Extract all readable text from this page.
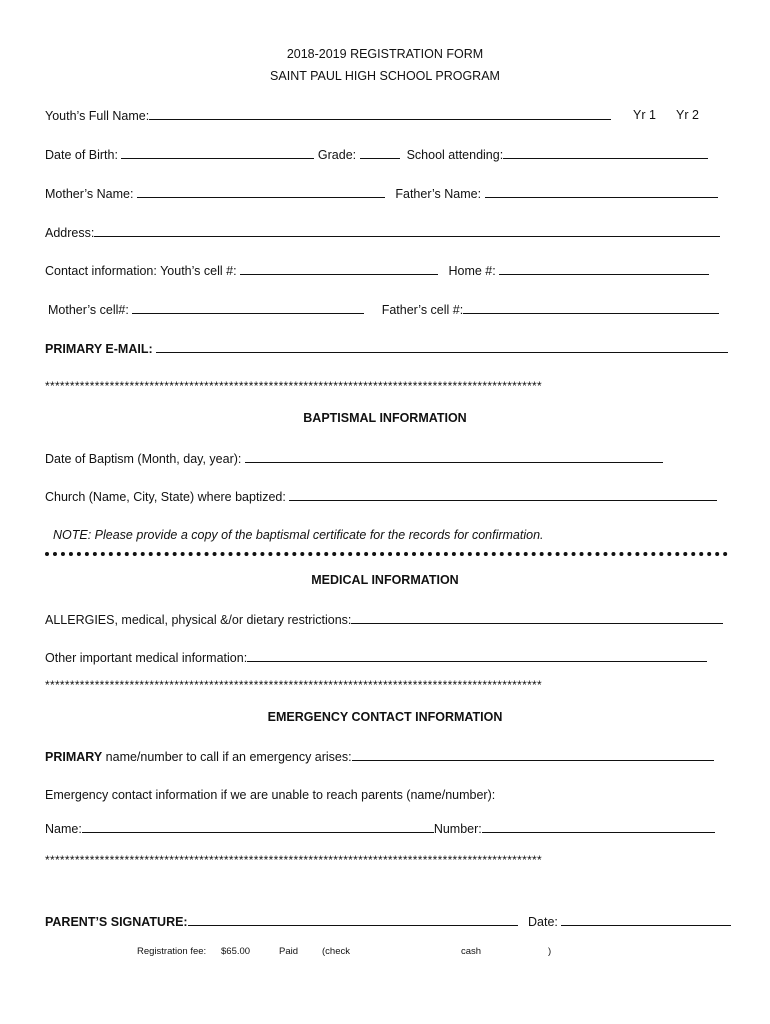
2018-2019 REGISTRATION FORM
SAINT PAUL HIGH SCHOOL PROGRAM
Youth’s Full Name:	Yr 1 Yr 2
Date of Birth:	Grade:	School attending:
Mother’s Name:	Father’s Name:
Address:
Contact information: Youth’s cell #:	Home #:
Mother’s cell#:	Father’s cell #:
PRIMARY E-MAIL:
****************************************************************************************************
BAPTISMAL INFORMATION
Date of Baptism (Month, day, year):
Church (Name, City, State) where baptized:
NOTE: Please provide a copy of the baptismal certificate for the records for confirmation.
MEDICAL INFORMATION
ALLERGIES, medical, physical &/or dietary restrictions:
Other important medical information:
****************************************************************************************************
EMERGENCY CONTACT INFORMATION
PRIMARY name/number to call if an emergency arises:
Emergency contact information if we are unable to reach parents (name/number):
Name:	Number:
****************************************************************************************************
PARENT’S SIGNATURE:	Date:
Registration fee: $65.00	Paid	(check	cash	)
